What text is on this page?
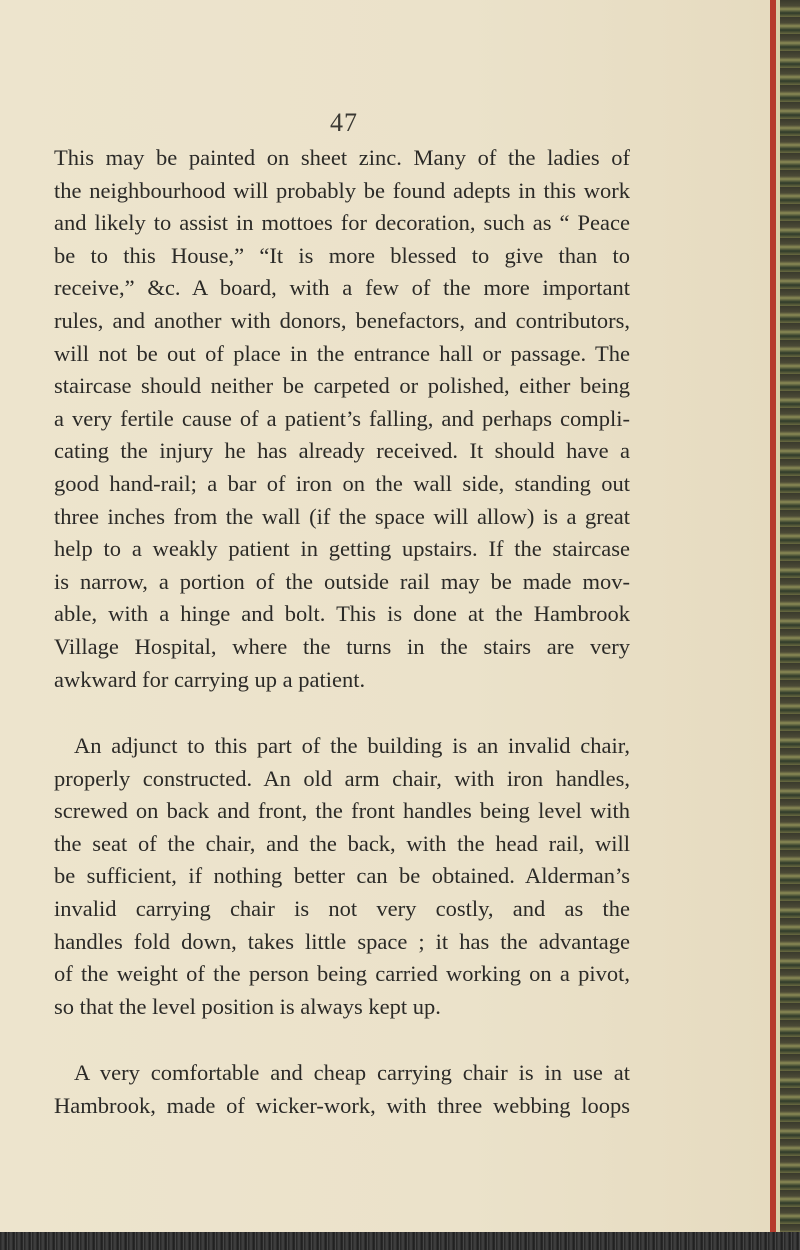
47

This may be painted on sheet zinc. Many of the ladies of
the neighbourhood will probably be found adepts in this work
and likely to assist in mottoes for decoration, such as “ Peace
be to this House,” “It is more blessed to give than to
receive,” &c. A board, with a few of the more important
rules, and another with donors, benefactors, and contributors,
will not be out of place in the entrance hall or passage. The
staircase should neither be carpeted or polished, either being
a very fertile cause of a patient’s falling, and perhaps compli-
cating the injury he has already received. It should have a
good hand-rail; a bar of iron on the wall side, standing out
three inches from the wall (if the space will allow) is a great
help to a weakly patient in getting upstairs. If the staircase
is narrow, a portion of the outside rail may be made mov-
able, with a hinge and bolt. This is done at the Hambrook
Village Hospital, where the turns in the stairs are very
awkward for carrying up a patient.

An adjunct to this part of the building is an invalid chair,
properly constructed. An old arm chair, with iron handles,
screwed on back and front, the front handles being level with
the seat of the chair, and the back, with the head rail, will
be sufficient, if nothing better can be obtained. Alderman’s
invalid carrying chair is not very costly, and as the
handles fold down, takes little space ; it has the advantage
of the weight of the person being carried working on a pivot,
so that the level position is always kept up.

A very comfortable and cheap carrying chair is in use at
Hambrook, made of wicker-work, with three webbing loops
